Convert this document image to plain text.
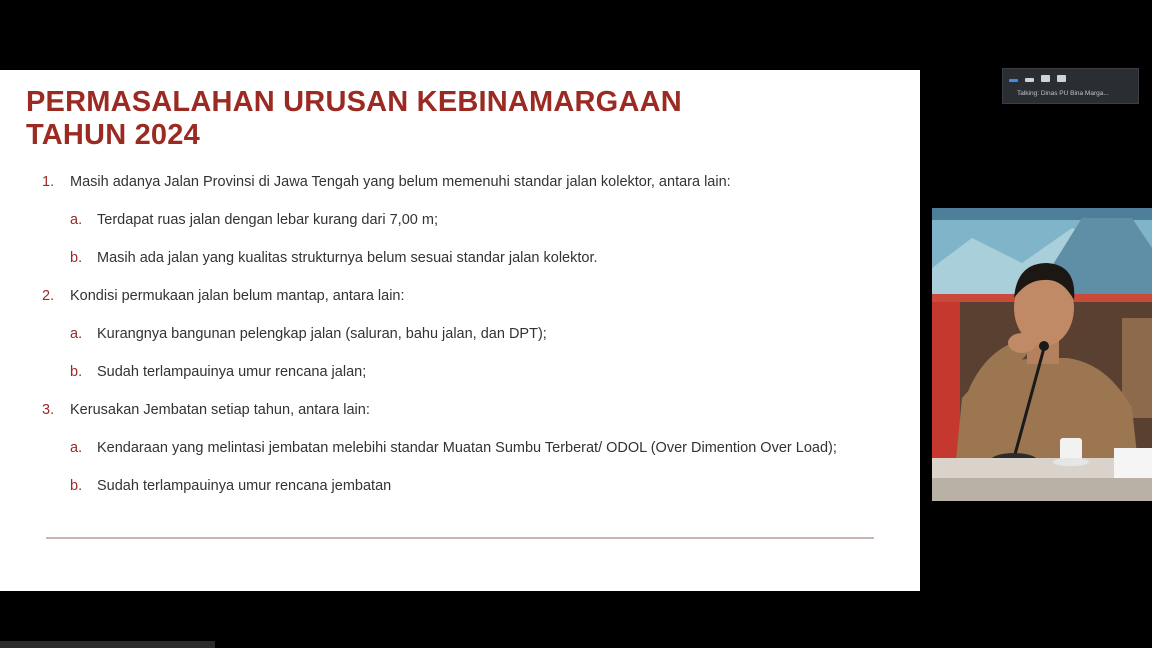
PERMASALAHAN URUSAN KEBINAMARGAAN
TAHUN 2024
1. Masih adanya Jalan Provinsi di Jawa Tengah yang belum memenuhi standar jalan kolektor, antara lain:
a. Terdapat ruas jalan dengan lebar kurang dari 7,00 m;
b. Masih ada jalan yang kualitas strukturnya belum sesuai standar jalan kolektor.
2. Kondisi permukaan jalan belum mantap, antara lain:
a. Kurangnya bangunan pelengkap jalan (saluran, bahu jalan, dan DPT);
b. Sudah terlampauinya umur rencana jalan;
3. Kerusakan Jembatan setiap tahun, antara lain:
a. Kendaraan yang melintasi jembatan melebihi standar Muatan Sumbu Terberat/ ODOL (Over Dimention Over Load);
b. Sudah terlampauinya umur rencana jembatan
Talking: Dinas PU Bina Marga...
